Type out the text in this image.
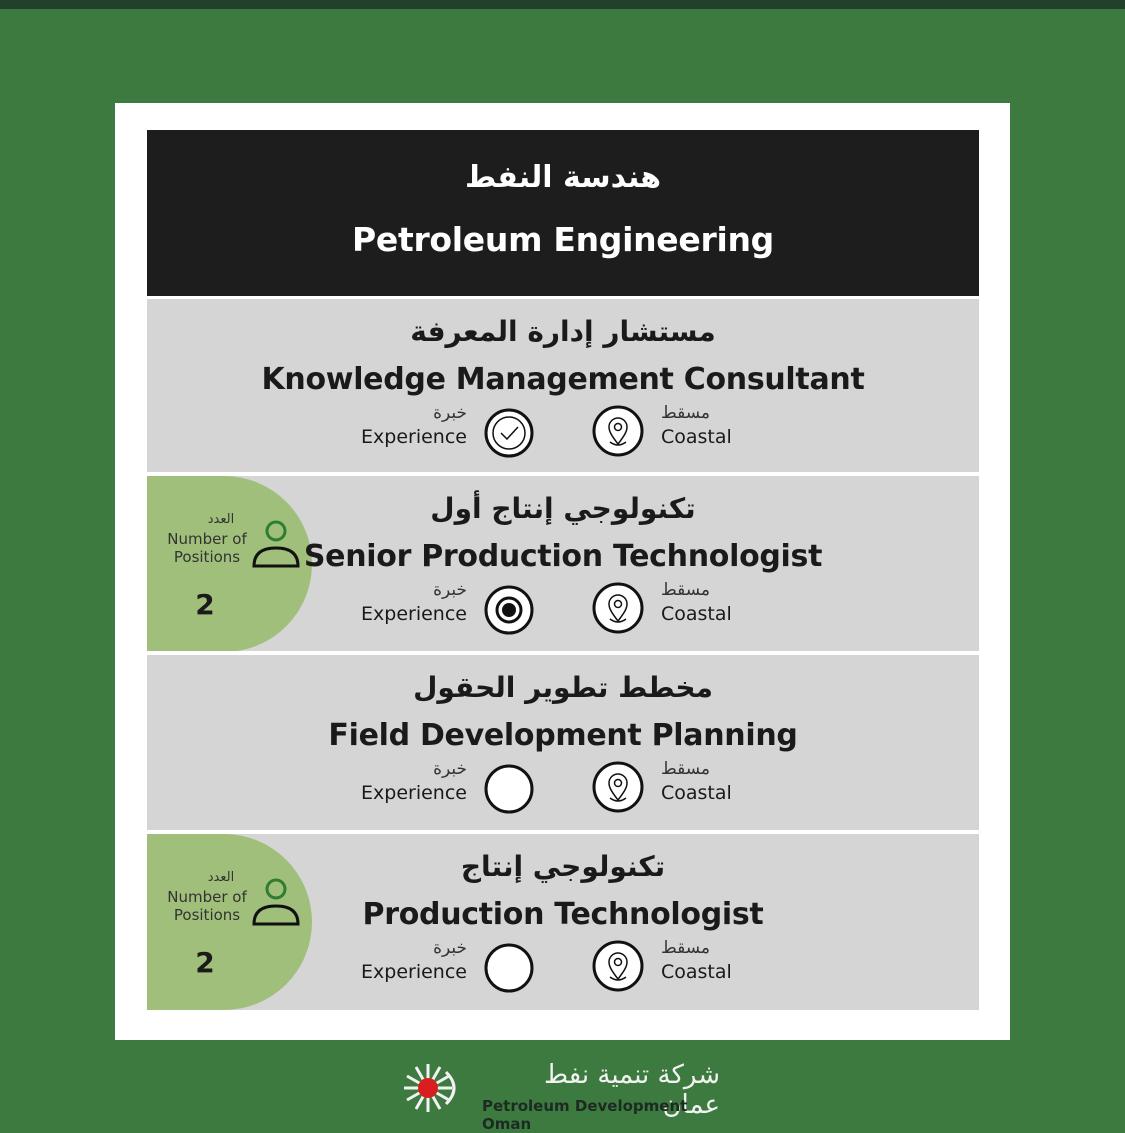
هندسة النفط
Petroleum Engineering
مستشار إدارة المعرفة
Knowledge Management Consultant
خبرة
Experience
مسقط
Coastal
العدد
Number of Positions
2
تكنولوجي إنتاج أول
Senior Production Technologist
خبرة
Experience
مسقط
Coastal
مخطط تطوير الحقول
Field Development Planning
خبرة
Experience
مسقط
Coastal
العدد
Number of Positions
2
تكنولوجي إنتاج
Production Technologist
خبرة
Experience
مسقط
Coastal
شركة تنمية نفط عمان
Petroleum Development Oman
